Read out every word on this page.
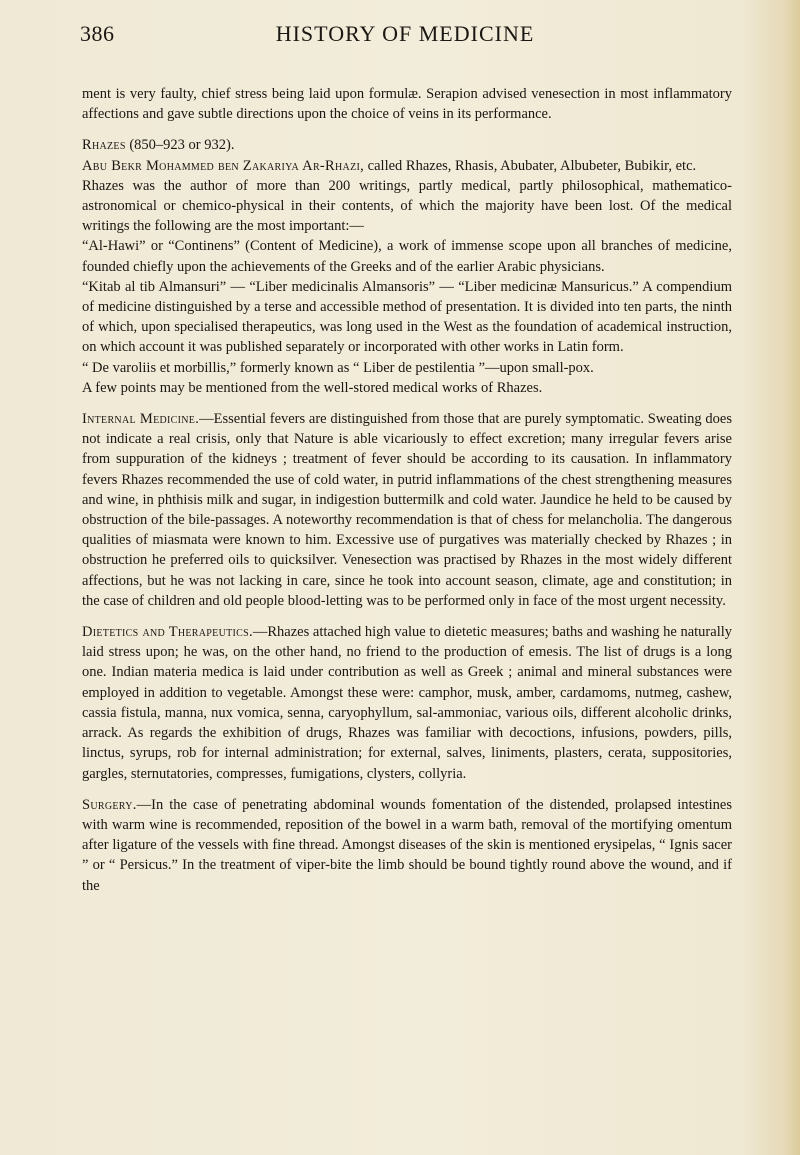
386	HISTORY OF MEDICINE

ment is very faulty, chief stress being laid upon formulæ. Serapion advised venesection in most inflammatory affections and gave subtle directions upon the choice of veins in its performance.

Rhazes (850–923 or 932).

Abu Bekr Mohammed ben Zakariya Ar-Rhazi, called Rhazes, Rhasis, Abubater, Albubeter, Bubikir, etc.

Rhazes was the author of more than 200 writings, partly medical, partly philosophical, mathematico-astronomical or chemico-physical in their contents, of which the majority have been lost. Of the medical writings the following are the most important:—

“Al-Hawi” or “Continens” (Content of Medicine), a work of immense scope upon all branches of medicine, founded chiefly upon the achievements of the Greeks and of the earlier Arabic physicians.

“Kitab al tib Almansuri” — “Liber medicinalis Almansoris” — “Liber medicinæ Mansuricus.” A compendium of medicine distinguished by a terse and accessible method of presentation. It is divided into ten parts, the ninth of which, upon specialised therapeutics, was long used in the West as the foundation of academical instruction, on which account it was published separately or incorporated with other works in Latin form.

“ De varoliis et morbillis,” formerly known as “ Liber de pestilentia ”—upon small-pox.

A few points may be mentioned from the well-stored medical works of Rhazes.

Internal Medicine.—Essential fevers are distinguished from those that are purely symptomatic. Sweating does not indicate a real crisis, only that Nature is able vicariously to effect excretion; many irregular fevers arise from suppuration of the kidneys ; treatment of fever should be according to its causation. In inflammatory fevers Rhazes recommended the use of cold water, in putrid inflammations of the chest strengthening measures and wine, in phthisis milk and sugar, in indigestion buttermilk and cold water. Jaundice he held to be caused by obstruction of the bile-passages. A noteworthy recommendation is that of chess for melancholia. The dangerous qualities of miasmata were known to him. Excessive use of purgatives was materially checked by Rhazes ; in obstruction he preferred oils to quicksilver. Venesection was practised by Rhazes in the most widely different affections, but he was not lacking in care, since he took into account season, climate, age and constitution; in the case of children and old people blood-letting was to be performed only in face of the most urgent necessity.

Dietetics and Therapeutics.—Rhazes attached high value to dietetic measures; baths and washing he naturally laid stress upon; he was, on the other hand, no friend to the production of emesis. The list of drugs is a long one. Indian materia medica is laid under contribution as well as Greek ; animal and mineral substances were employed in addition to vegetable. Amongst these were: camphor, musk, amber, cardamoms, nutmeg, cashew, cassia fistula, manna, nux vomica, senna, caryophyllum, sal-ammoniac, various oils, different alcoholic drinks, arrack. As regards the exhibition of drugs, Rhazes was familiar with decoctions, infusions, powders, pills, linctus, syrups, rob for internal administration; for external, salves, liniments, plasters, cerata, suppositories, gargles, sternutatories, compresses, fumigations, clysters, collyria.

Surgery.—In the case of penetrating abdominal wounds fomentation of the distended, prolapsed intestines with warm wine is recommended, reposition of the bowel in a warm bath, removal of the mortifying omentum after ligature of the vessels with fine thread. Amongst diseases of the skin is mentioned erysipelas, “ Ignis sacer ” or “ Persicus.” In the treatment of viper-bite the limb should be bound tightly round above the wound, and if the
